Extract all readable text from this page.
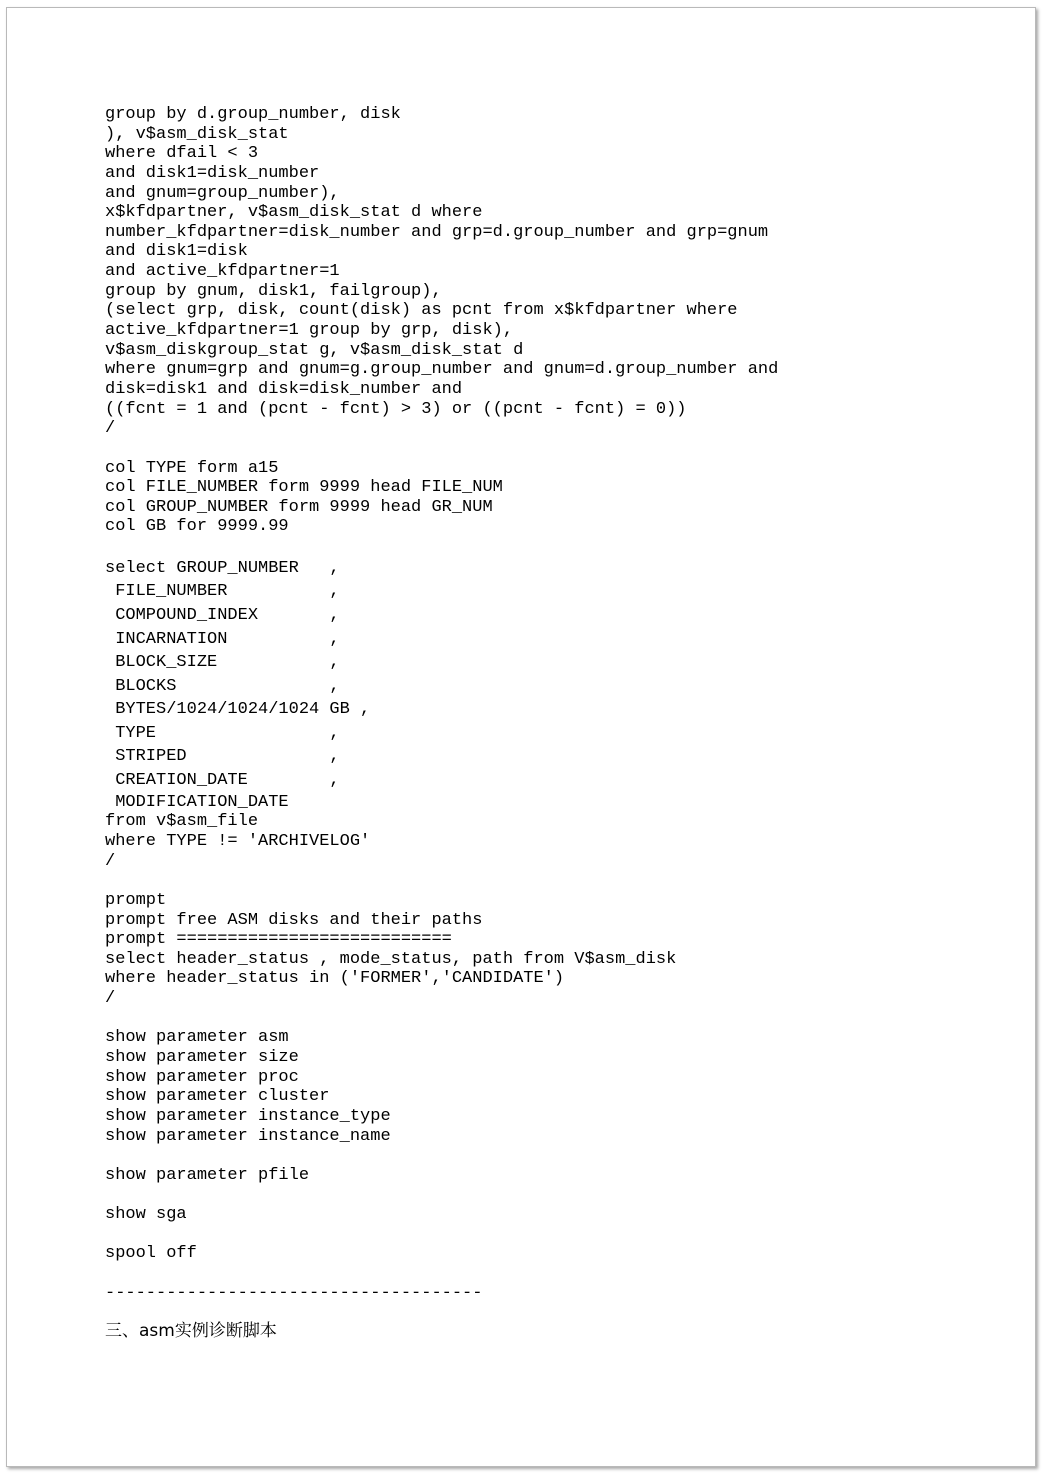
group by d.group_number, disk
), v$asm_disk_stat
where dfail < 3
and disk1=disk_number
and gnum=group_number),
x$kfdpartner, v$asm_disk_stat d where
number_kfdpartner=disk_number and grp=d.group_number and grp=gnum
and disk1=disk
and active_kfdpartner=1
group by gnum, disk1, failgroup),
(select grp, disk, count(disk) as pcnt from x$kfdpartner where
active_kfdpartner=1 group by grp, disk),
v$asm_diskgroup_stat g, v$asm_disk_stat d
where gnum=grp and gnum=g.group_number and gnum=d.group_number and
disk=disk1 and disk=disk_number and
((fcnt = 1 and (pcnt - fcnt) > 3) or ((pcnt - fcnt) = 0))
/
col TYPE form a15
col FILE_NUMBER form 9999 head FILE_NUM
col GROUP_NUMBER form 9999 head GR_NUM
col GB for 9999.99
select GROUP_NUMBER   ,
FILE_NUMBER          ,
COMPOUND_INDEX       ,
INCARNATION          ,
BLOCK_SIZE           ,
BLOCKS               ,
BYTES/1024/1024/1024 GB ,
TYPE                 ,
STRIPED              ,
CREATION_DATE        ,
MODIFICATION_DATE
from v$asm_file
where TYPE != 'ARCHIVELOG'
/
prompt
prompt free ASM disks and their paths
prompt ===========================
select header_status , mode_status, path from V$asm_disk
where header_status in ('FORMER','CANDIDATE')
/
show parameter asm
show parameter size
show parameter proc
show parameter cluster
show parameter instance_type
show parameter instance_name
show parameter pfile
show sga
spool off
-------------------------------------
三、asm实例诊断脚本
